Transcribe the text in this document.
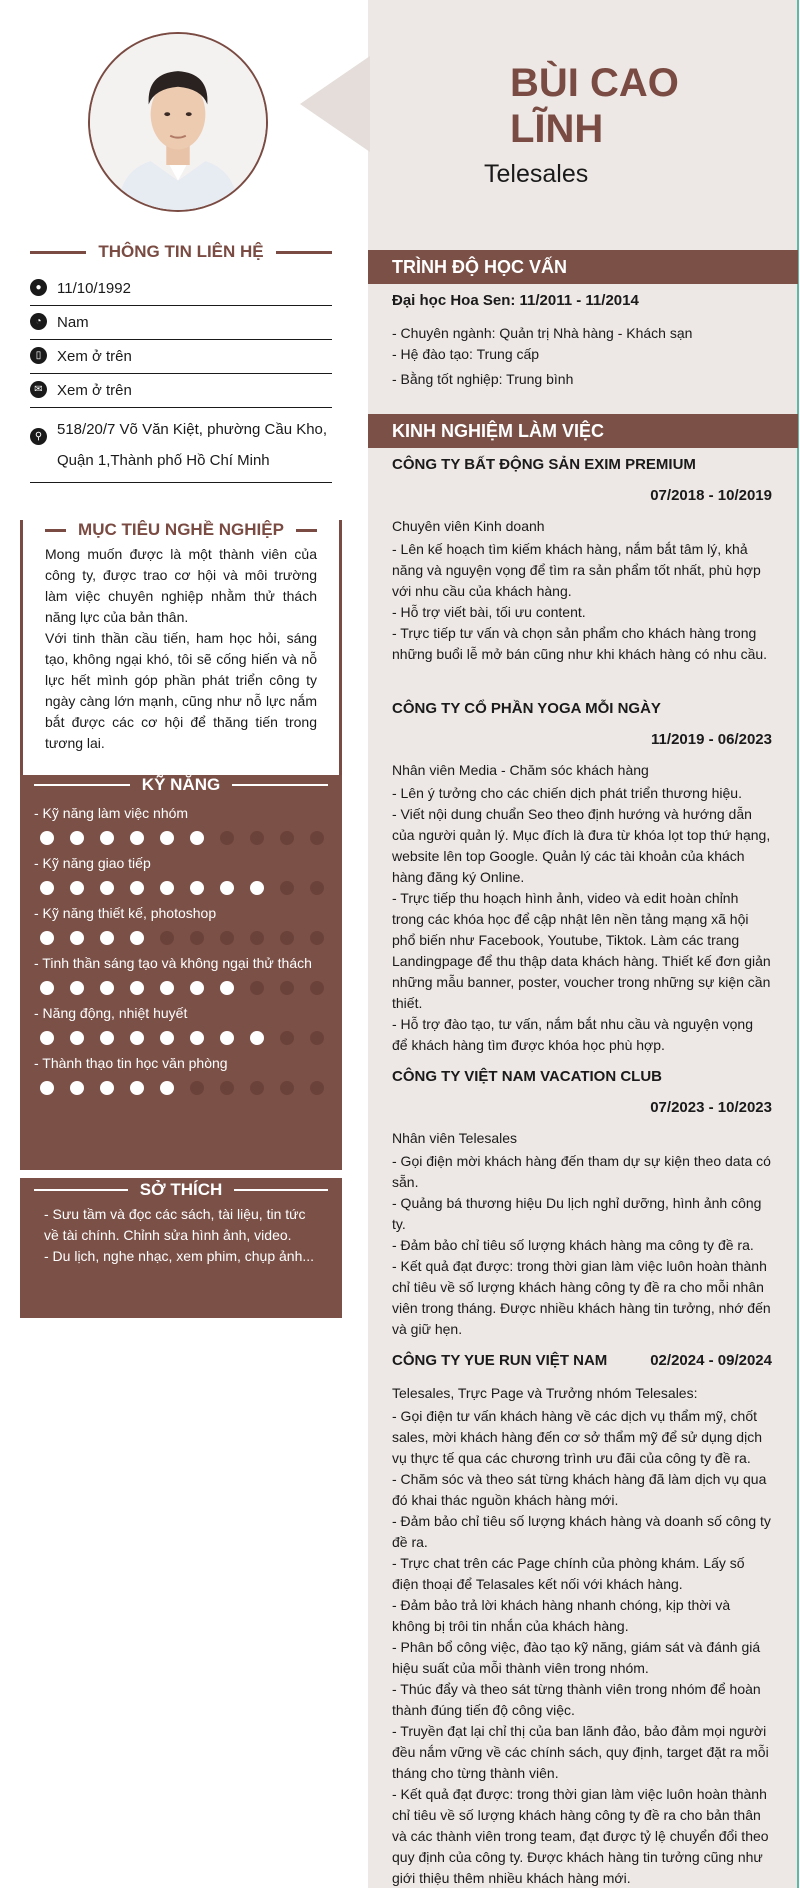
BÙI CAO LĨNH
Telesales
THÔNG TIN LIÊN HỆ
●	11/10/1992
◔	Nam
▯	Xem ở trên
✉ Xem ở trên
⚲ 518/20/7 Võ Văn Kiệt, phường Cầu Kho, Quận 1,Thành phố Hồ Chí Minh
MỤC TIÊU NGHỀ NGHIỆP

Mong muốn được là một thành viên của công ty, được trao cơ hội và môi trường làm việc chuyên nghiệp nhằm thử thách năng lực của bản thân.

Với tinh thần cầu tiến, ham học hỏi, sáng tạo, không ngại khó, tôi sẽ cống hiến và nỗ lực hết mình góp phần phát triển công ty ngày càng lớn mạnh, cũng như nỗ lực nắm bắt được các cơ hội để thăng tiến trong tương lai.

KỸ NĂNG
- Kỹ năng làm việc nhóm
- Kỹ năng giao tiếp
- Kỹ năng thiết kế, photoshop
- Tinh thần sáng tạo và không ngại thử thách
- Năng động, nhiệt huyết
- Thành thạo tin học văn phòng
SỞ THÍCH

- Sưu tầm và đọc các sách, tài liệu, tin tức về tài chính. Chỉnh sửa hình ảnh, video.

- Du lịch, nghe nhạc, xem phim, chụp ảnh...

TRÌNH ĐỘ HỌC VẤN
Đại học Hoa Sen: 11/2011 - 11/2014
- Chuyên ngành: Quản trị Nhà hàng - Khách sạn
- Hệ đào tạo: Trung cấp
- Bằng tốt nghiệp: Trung bình
KINH NGHIỆM LÀM VIỆC
CÔNG TY BẤT ĐỘNG SẢN EXIM PREMIUM
07/2018 - 10/2019
Chuyên viên Kinh doanh
- Lên kế hoạch tìm kiếm khách hàng, nắm bắt tâm lý, khả năng và nguyện vọng để tìm ra sản phẩm tốt nhất, phù hợp với nhu cầu của khách hàng.
- Hỗ trợ viết bài, tối ưu content.
- Trực tiếp tư vấn và chọn sản phẩm cho khách hàng trong những buổi lễ mở bán cũng như khi khách hàng có nhu cầu.
CÔNG TY CỔ PHẦN YOGA MỖI NGÀY
11/2019 - 06/2023
Nhân viên Media - Chăm sóc khách hàng
- Lên ý tưởng cho các chiến dịch phát triển thương hiệu.
- Viết nội dung chuẩn Seo theo định hướng và hướng dẫn của người quản lý. Mục đích là đưa từ khóa lọt top thứ hạng, website lên top Google. Quản lý các tài khoản của khách hàng đăng ký Online.
- Trực tiếp thu hoạch hình ảnh, video và edit hoàn chỉnh trong các khóa học để cập nhật lên nền tảng mạng xã hội phổ biến như Facebook, Youtube, Tiktok. Làm các trang Landingpage để thu thập data khách hàng. Thiết kế đơn giản những mẫu banner, poster, voucher trong những sự kiện cần thiết.
- Hỗ trợ đào tạo, tư vấn, nắm bắt nhu cầu và nguyện vọng để khách hàng tìm được khóa học phù hợp.
CÔNG TY VIỆT NAM VACATION CLUB
07/2023 - 10/2023
Nhân viên Telesales
- Gọi điện mời khách hàng đến tham dự sự kiện theo data có sẵn.
- Quảng bá thương hiệu Du lịch nghỉ dưỡng, hình ảnh công ty.
- Đảm bảo chỉ tiêu số lượng khách hàng ma công ty đề ra.
- Kết quả đạt được: trong thời gian làm việc luôn hoàn thành chỉ tiêu về số lượng khách hàng công ty đề ra cho mỗi nhân viên trong tháng. Được nhiều khách hàng tin tưởng, nhớ đến và giữ hẹn.
CÔNG TY YUE RUN VIỆT NAM	02/2024 - 09/2024
Telesales, Trực Page và Trưởng nhóm Telesales:
- Gọi điện tư vấn khách hàng về các dịch vụ thẩm mỹ, chốt sales, mời khách hàng đến cơ sở thẩm mỹ để sử dụng dịch vụ thực tế qua các chương trình ưu đãi của công ty đề ra.
- Chăm sóc và theo sát từng khách hàng đã làm dịch vụ qua đó khai thác nguồn khách hàng mới.
- Đảm bảo chỉ tiêu số lượng khách hàng và doanh số công ty đề ra.
- Trực chat trên các Page chính của phòng khám. Lấy số điện thoại để Telasales kết nối với khách hàng.
- Đảm bảo trả lời khách hàng nhanh chóng, kịp thời và không bị trôi tin nhắn của khách hàng.
- Phân bổ công việc, đào tạo kỹ năng, giám sát và đánh giá hiệu suất của mỗi thành viên trong nhóm.
- Thúc đẩy và theo sát từng thành viên trong nhóm để hoàn thành đúng tiến độ công việc.
- Truyền đạt lại chỉ thị của ban lãnh đảo, bảo đảm mọi người đều nắm vững về các chính sách, quy định, target đặt ra mỗi tháng cho từng thành viên.
- Kết quả đạt được: trong thời gian làm việc luôn hoàn thành chỉ tiêu về số lượng khách hàng công ty đề ra cho bản thân và các thành viên trong team, đạt được tỷ lệ chuyển đổi theo quy định của công ty. Được khách hàng tin tưởng cũng như giới thiệu thêm nhiều khách hàng mới.
